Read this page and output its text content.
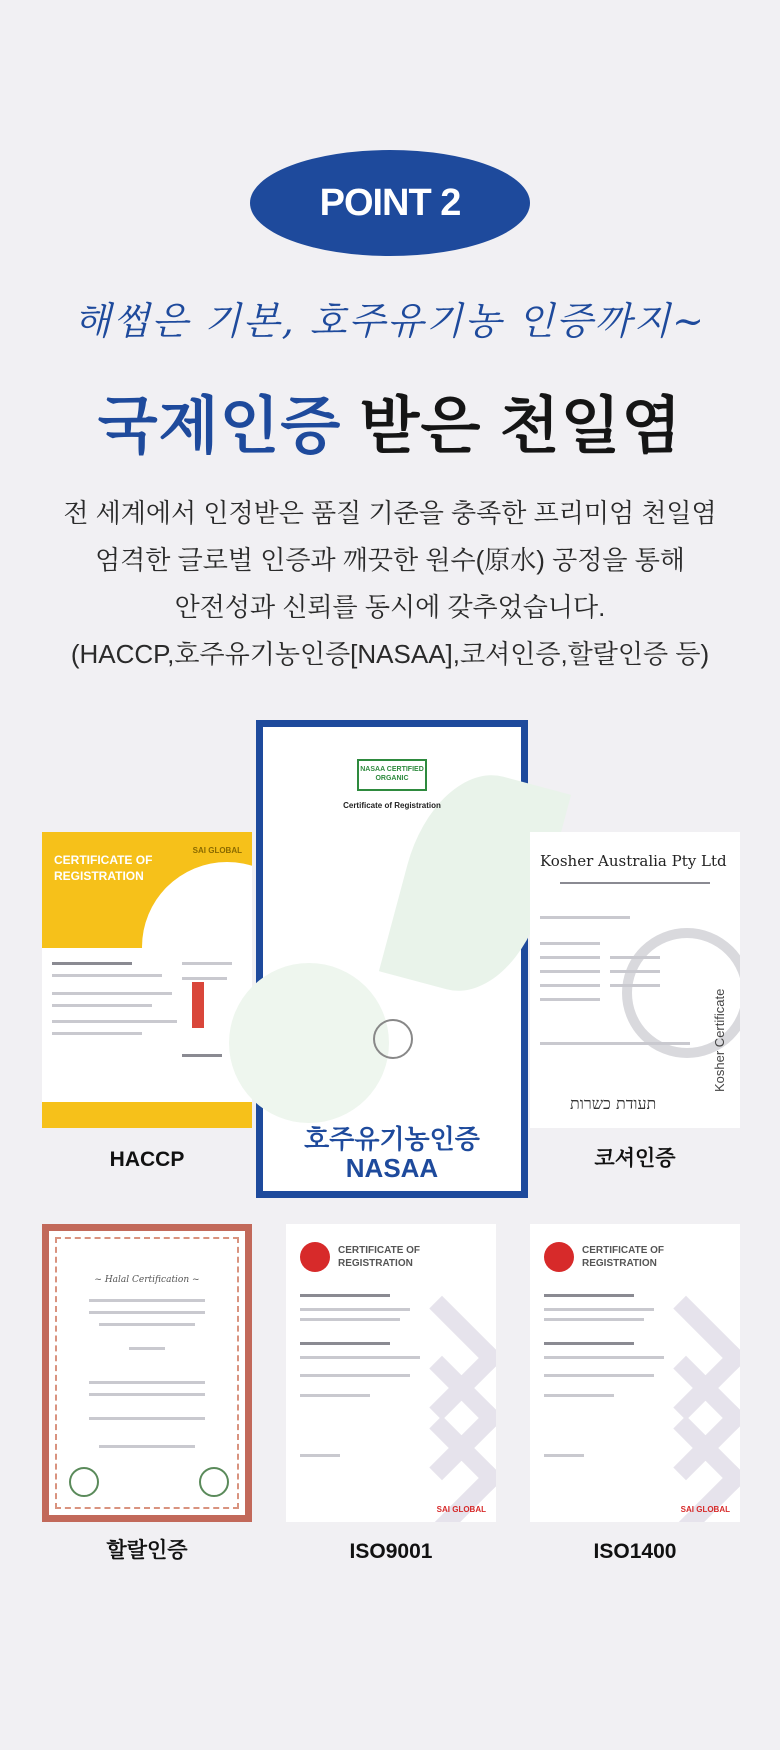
POINT 2
해썹은 기본, 호주유기농 인증까지~
국제인증 받은 천일염
전 세계에서 인정받은 품질 기준을 충족한 프리미엄 천일염
엄격한 글로벌 인증과 깨끗한 원수(原水) 공정을 통해
안전성과 신뢰를 동시에 갖추었습니다.
(HACCP,호주유기농인증[NASAA],코셔인증,할랄인증 등)
CERTIFICATE OF REGISTRATION
SAI GLOBAL
HACCP
NASAA CERTIFIED ORGANIC
Certificate of Registration
호주유기농인증
NASAA
Kosher Australia Pty Ltd
Kosher Certificate
תעודת כשרות
코셔인증
~ Halal Certification ~
할랄인증
CERTIFICATE OF REGISTRATION
SAI GLOBAL
ISO9001
CERTIFICATE OF REGISTRATION
SAI GLOBAL
ISO1400
